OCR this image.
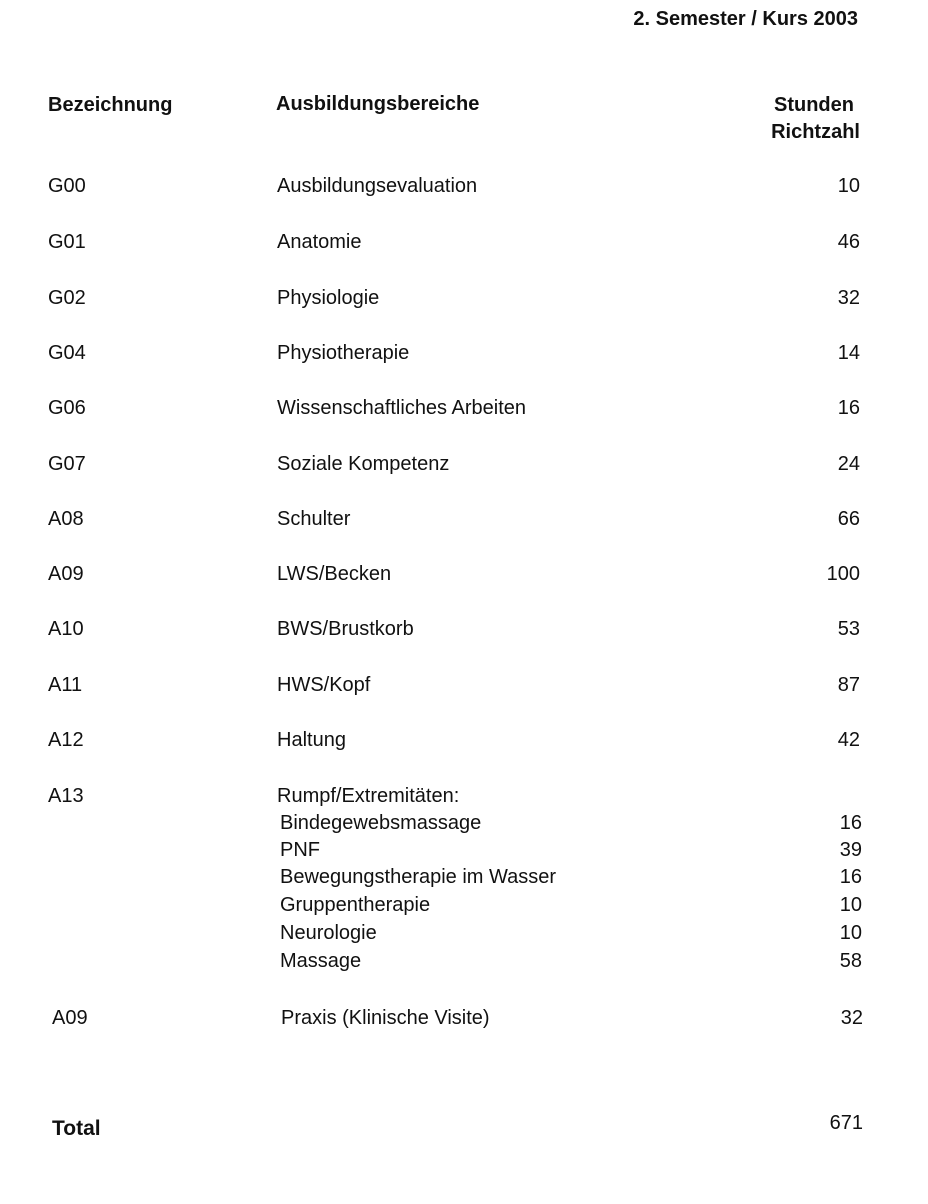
2. Semester / Kurs 2003
Bezeichnung	Ausbildungsbereiche	Stunden
Richtzahl
G00	Ausbildungsevaluation	10
G01	Anatomie	46
G02	Physiologie	32
G04	Physiotherapie	14
G06	Wissenschaftliches Arbeiten	16
G07	Soziale Kompetenz	24
A08	Schulter	66
A09	LWS/Becken	100
A10	BWS/Brustkorb	53
A11	HWS/Kopf	87
A12	Haltung	42
A13	Rumpf/Extremitäten:
Bindegewebsmassage	16
PNF	39
Bewegungstherapie im Wasser	16
Gruppentherapie	10
Neurologie	10
Massage	58
A09	Praxis (Klinische Visite)	32
Total	671
